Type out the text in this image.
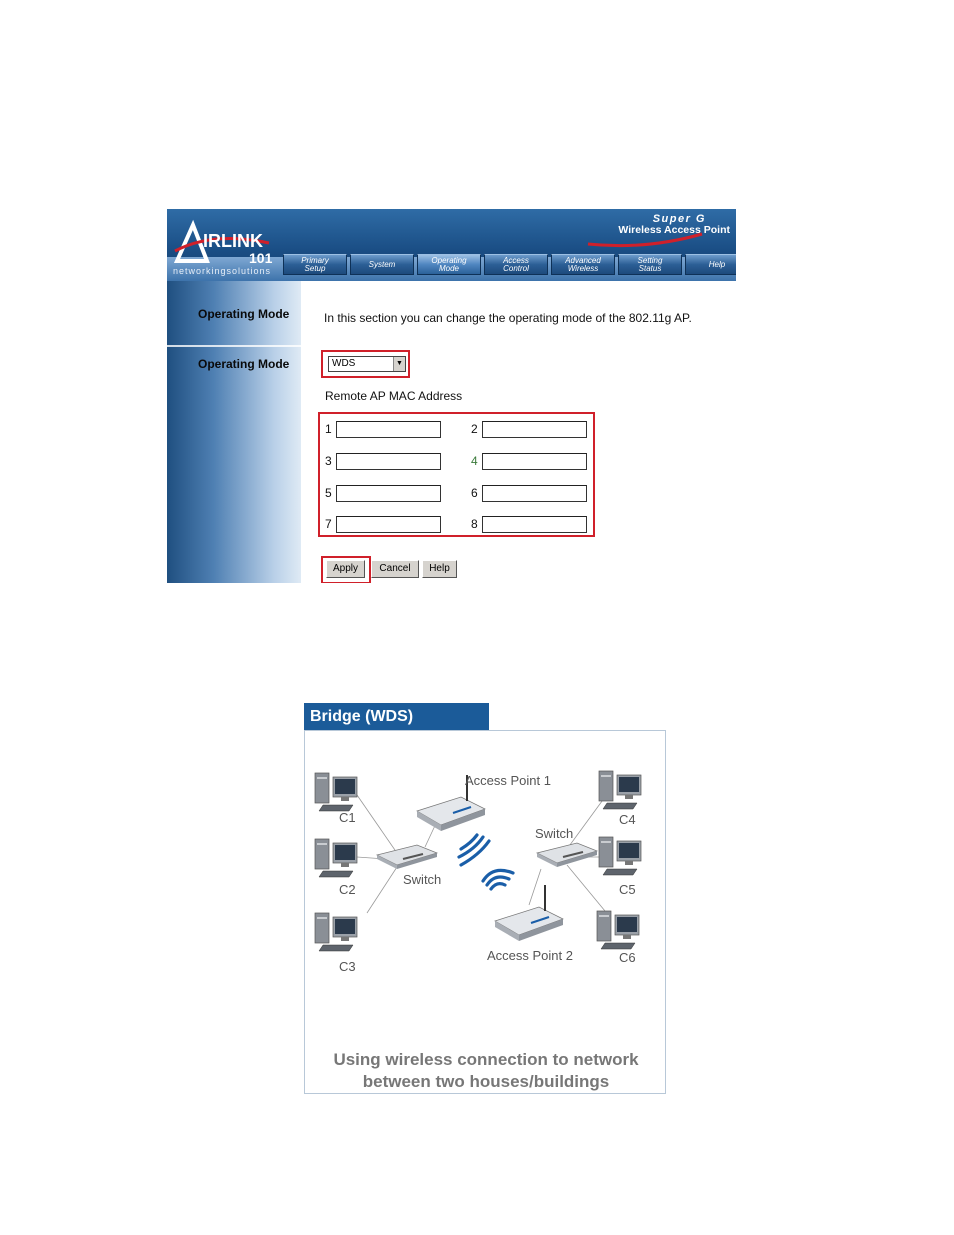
IRLINK
101
networkingsolutions
Super G
Wireless Access Point
Primary
Setup	System	Operating
Mode
Access
Control
Advanced
Wireless
Setting
Status	Help
Operating Mode
Operating Mode
In this section you can change the operating mode of the 802.11g AP.
WDS	▼
Remote AP MAC Address
1	2
3	4
5	6
7	8
Apply	Cancel	Help
Bridge (WDS)
Access Point 1
Access Point 2
Switch
Switch
C1
C2
C3
C4
C5
C6
Using wireless connection to network
between two houses/buildings
